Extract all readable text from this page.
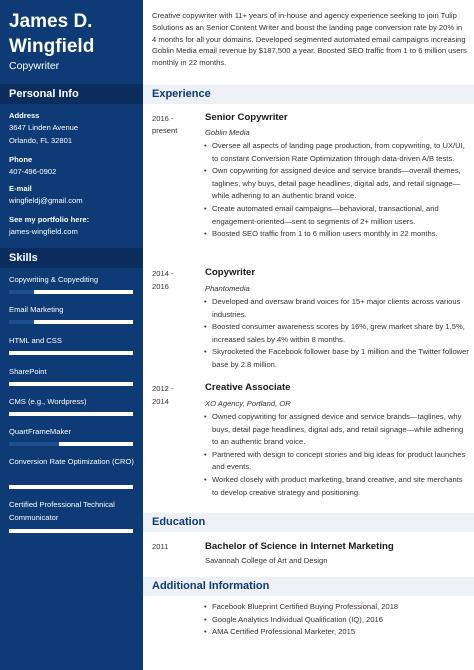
James D. Wingfield
Copywriter
Personal Info
Address
3647 Linden Avenue
Orlando, FL 32801
Phone
407-496-0902
E-mail
wingfieldj@gmail.com
See my portfolio here:
james-wingfield.com
Skills
Copywriting & Copyediting
Email Marketing
HTML and CSS
SharePoint
CMS (e.g., Wordpress)
QuartFrameMaker
Conversion Rate Optimization (CRO)
Certified Professional Technical Communicator
Creative copywriter with 11+ years of in-house and agency experience seeking to join Tulip Solutions as an Senior Content Writer and boost the landing page conversion rate by 20% in 4 months for all your domains. Developed segmented automated email campaigns increasing Goblin Media email revenue by $187,500 a year. Boosted SEO traffic from 1 to 6 million users monthly in 22 months.
Experience
2016 -
present
Senior Copywriter
Goblin Media
• Oversee all aspects of landing page production, from copywriting, to UX/UI, to constant Conversion Rate Optimization through data-driven A/B tests.
• Own copywriting for assigned device and service brands—overall themes, taglines, why buys, detail page headlines, digital ads, and retail signage—while adhering to an authentic brand voice.
• Create automated email campaigns—behavioral, transactional, and engagement-oriented—sent to segments of 2+ million users.
• Boosted SEO traffic from 1 to 6 million users monthly in 22 months.
2014 -
2016
Copywriter
Phantomedia
• Developed and oversaw brand voices for 15+ major clients across various industries.
• Boosted consumer awareness scores by 16%, grew market share by 1.5%, increased sales by 4% within 8 months.
• Skyrocketed the Facebook follower base by 1 million and the Twitter follower base by 2.8 million.
2012 -
2014
Creative Associate
XO Agency, Portland, OR
• Owned copywriting for assigned device and service brands—taglines, why buys, detail page headlines, digital ads, and retail signage—while adhering to an authentic brand voice.
• Partnered with design to concept stories and big ideas for product launches and events.
• Worked closely with product marketing, brand creative, and site merchants to develop creative strategy and positioning.
Education
2011	Bachelor of Science in Internet Marketing
Savannah College of Art and Design
Additional Information
• Facebook Blueprint Certified Buying Professional, 2018
• Google Analytics Individual Qualification (IQ), 2016
• AMA Certified Professional Marketer, 2015
